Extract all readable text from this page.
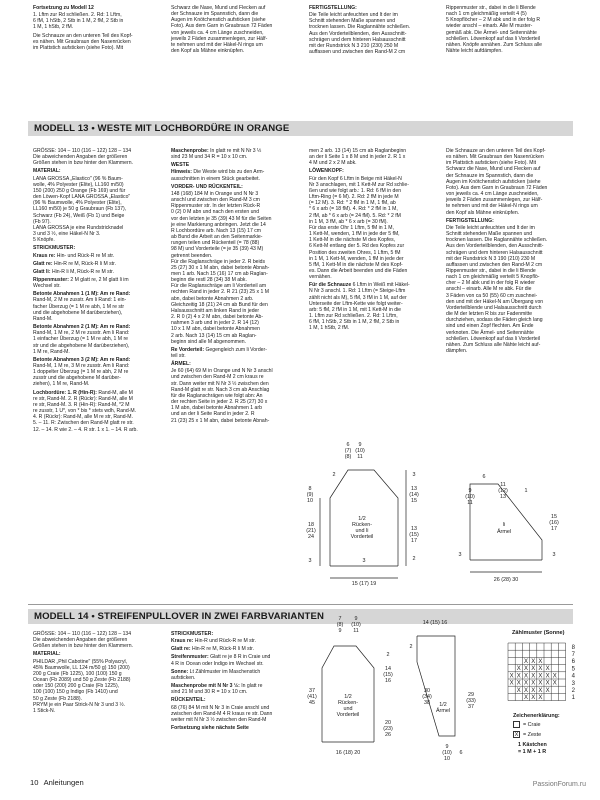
Fortsetzung zu Modell 12
1. Lftm zur Rd schließen. 2. Rd: 1 Lftm,
6 fM, 1 hStb, 2 Stb in 1 M, 2 fM, 2 Stb in
1 M, 1 hStb, 2 fM.
Die Schnauze an den unteren Teil des Kopf-
es nähen. Mit Graubraun den Nasenrücken
im Plattstich aufsticken (siehe Foto). Mit
Schwarz die Nase, Mund und Flecken auf
der Schnauze im Spannstich, dann die
Augen im Knötchenstich aufsticken (siehe
Foto). Aus dem Garn in Graubraun 72 Fäden
von jeweils ca. 4 cm Länge zuschneiden,
jeweils 2 Fäden zusammenlegen, zur Hälf-
te nehmen und mit der Häkel-N rings um
den Kopf als Mähne einknüpfen.
FERTIGSTELLUNG:
Die Teile leicht anfeuchten und lt der im
Schnitt stehenden Maße spannen und
trocknen lassen. Die Raglannähte schließen.
Aus den Vorderteilblenden, den Ausschnitt-
schrägen und dem hinteren Halsausschnitt
mit der Rundstrick N 3 210 (230) 250 M
auffassen und zwischen den Rand-M 2 cm
Rippenmuster str., dabei in die li Blende
nach 1 cm gleichmäßig verteilt 4 (5)
5 Knopflöcher – 2 M abk und in der folg R
wieder anschl – einarb. Alle M muster-
gemäß abk. Die Ärmel- und Seitennähte
schließen. Löwenkopf auf das li Vorderteil
nähen. Knöpfe annähen. Zum Schluss alle
Nähte leicht aufdämpfen.
MODELL 13 • WESTE MIT LOCHBORDÜRE IN ORANGE
GRÖSSE: 104 – 110 (116 – 122) 128 – 134
Die abweichenden Angaben der größeren
Größen stehen in bzw hinter den Klammern.
MATERIAL:
LANA GROSSA „Elastico" (96 % Baum-
wolle, 4% Polyester (Elite), LL160 m/50)
150 (200) 250 g Orange (Fb 169) und für
den Löwen-Kopf LANA GROSSA „Elastico"
(96 % Baumwolle, 4% Polyester (Elite),
LL160 m/50) je 50 g Graubraun (Fb 137),
Schwarz (Fb 24), Weiß (Fb 1) und Beige
(Fb 97).
LANA GROSSA je eine Rundstricknadel
3 und 3 ½, eine Häkel-N Nr 3.
5 Knöpfe.
STRICKMUSTER:
Kraus re: Hin- und Rück-R re M str.
Glatt re: Hin-R re M, Rück-R li M str.
Glatt li: Hin-R li M, Rück-R re M str.
Rippenmuster: 2 M glatt re, 2 M glatt li im
Wechsel str.
Betonte Abnahmen 1 (1 M): Am re Rand:
Rand-M, 2 M re zusstr. Am li Rand: 1 ein-
facher Überzug (= 1 M re abh, 1 M re str
und die abgehobene M darüberziehen),
Rand-M.
Betonte Abnahmen 2 (1 M): Am re Rand:
Rand-M, 1 M re, 2 M re zusstr. Am li Rand:
1 einfacher Überzug (= 1 M re abh, 1 M re
str und die abgehobene M darüberziehen),
1 M re, Rand-M.
Betonte Abnahmen 3 (2 M): Am re Rand:
Rand-M, 1 M re, 3 M re zusstr. Am li Rand:
1 doppelter Überzug (= 1 M re abh, 2 M re
zusstr und die abgehobene M darüber-
ziehen), 1 M re, Rand-M.
Lochbordüre: 1. R (Hin-R): Rand-M, alle M
re str, Rand-M. 2. R (Rückr): Rand-M, alle M
re str, Rand-M. 3. R (Hin-R): Rand-M, *2 M
re zusstr, 1 U*, von * bis * stets wdh, Rand-M.
4. R (Rückr): Rand-M, alle M re str, Rand-M.
5. – 11. R: Zwischen den Rand-M glatt re str.
12. – 14. R wie 2. – 4. R str. 1 x 1. – 14. R arb.
Maschenprobe: In glatt re mit N Nr 3 ½
sind 23 M und 34 R = 10 x 10 cm.
WESTE
Hinweis: Die Weste wird bis zu den Arm-
ausschnitten in einem Stück gearbeitet.
VORDER- UND RÜCKENTEIL:
148 (168) 184 M in Orange und N Nr 3
anschl und zwischen den Rand-M 3 cm
Rippenmuster str. In der letzten Rück-R
0 (2) 0 M abn und nach den ersten und
vor den letzten je 35 (39) 43 M für die Seiten
je eine Markierung anbringen. Jetzt die 14
R Lochbordüre arb. Nach 13 (15) 17 cm
ab Bund die Arbeit an den Seitenmarkie-
rungen teilen und Rückenteil (= 78 (88)
98 M) und Vorderteile (= je 35 (39) 43 M)
getrennt beenden.
Für die Raglanschräge in jeder 2. R beids
25 (27) 30 x 1 M abn, dabei betonte Abnah-
men 1 arb. Nach 15 (16) 17 cm ab Raglan-
beginn die restl 28 (34) 38 M abk.
Für die Raglanschräge am li Vorderteil am
rechten Rand in jeder 2. R 21 (23) 25 x 1 M
abn, dabei betonte Abnahmen 2 arb.
Gleichzeitig 18 (21) 24 cm ab Bund für den
Halsausschnitt am linken Rand in jeder
2. R 0 (2) 4 x 2 M abn, dabei betonte Ab-
nahmen 3 arb und in jeder 2. R 14 (12)
10 x 1 M abn, dabei betonte Abnahmen
2 arb. Nach 13 (14) 15 cm ab Raglan-
beginn sind alle M abgenommen.
Re Vorderteil: Gegengleich zum li Vorder-
teil str.
ÄRMEL:
Je 60 (64) 69 M in Orange und N Nr 3 anschl
und zwischen den Rand-M 2 cm kraus re
str. Dann weiter mit N Nr 3 ½ zwischen den
Rand-M glatt re str. Nach 3 cm ab Anschlag
für die Raglanschrägen wie folgt abn: An
der rechten Seite in jeder 2. R 25 (27) 30 x
1 M abn, dabei betonte Abnahmen 1 arb
und an der li Seite Rand in jeder 2. R
21 (23) 25 x 1 M abn, dabei betonte Abnah-
men 2 arb. 13 (14) 15 cm ab Raglanbeginn
an der li Seite 1 x 8 M und in jeder 2. R 1 x
4 M und 2 x 2 M abk.
LÖWENKOPF:
Für den Kopf 6 Lftm in Beige mit Häkel-N
Nr 3 anschlagen, mit 1 Kett-M zur Rd schlie-
ßen und wie folgt arb.: 1. Rd: 6 fM in den
Lftm-Ring (= 6 M). 2. Rd: 2 fM in jede M
(= 12 M). 3. Rd: * 2 fM in 1 M, 1 fM, ab
* 6 x arb (= 18 fM). 4. Rd: * 2 fM in 1 M,
2 fM, ab * 6 x arb (= 24 fM). 5. Rd: * 2 fM
in 1 M, 3 fM, ab * 6 x arb (= 30 fM).
Für das erste Ohr 1 Lftm, 5 fM in 1 M,
1 Kett-M, wenden, 1 fM in jede der 5 fM,
1 Kett-M in die nächste M des Kopfes,
6 Kett-M entlang der 5. Rd des Kopfes zur
Position des zweiten Ohres, 1 Lftm, 5 fM
in 1 M, 1 Kett-M, wenden, 1 fM in jede der
5 fM, 1 Kett-M in die nächste M des Kopf-
es. Dann die Arbeit beenden und die Fäden
vernähen.
Für die Schnauze 6 Lftm in Weiß mit Häkel-
N Nr 3 anschl. 1. Rd: 1 Lftm (= Steige-Lftm
zählt nicht als M), 5 fM, 3 fM in 1 M, auf der
Unterseite der Lftm-Kette wie folgt weiter-
arb: 5 fM, 2 fM in 1 M, mit 1 Kett-M in die
1. Lftm zur Rd schließen. 2. Rd: 1 Lftm,
6 fM, 1 hStb, 2 Stb in 1 M, 2 fM, 2 Stb in
1 M, 1 hStb, 2 fM.
Die Schnauze an den unteren Teil des Kopf-
es nähen. Mit Graubraun den Nasenrücken
im Plattstich aufsticken (siehe Foto). Mit
Schwarz die Nase, Mund und Flecken auf
der Schnauze im Spannstich, dann die
Augen im Knötchenstich aufsticken (siehe
Foto). Aus dem Garn in Graubraun 72 Fäden
von jeweils ca. 4 cm Länge zuschneiden,
jeweils 2 Fäden zusammenlegen, zur Hälf-
te nehmen und mit der Häkel-N rings um
den Kopf als Mähne einknüpfen.
FERTIGSTELLUNG:
Die Teile leicht anfeuchten und lt der im
Schnitt stehenden Maße spannen und
trocknen lassen. Die Raglannähte schließen.
Aus den Vorderteilblenden, den Ausschnitt-
schrägen und dem hinteren Halsausschnitt
mit der Rundstrick N 3 190 (210) 230 M
auffassen und zwischen den Rand-M 2 cm
Rippenmuster str., dabei in die li Blende
nach 1 cm gleichmäßig verteilt 5 Knopflö-
cher – 2 M abk und in der folg R wieder
anschl – einarb. Alle M re abk. Für die
3 Fäden von ca 50 (55) 60 cm zuschnei-
den und mit der Häkel-N am Übergang von
Vorderteilblende und Halsausschnitt durch
die M der letzten R bis zur Fadenmitte
durchziehen, sodass die Fäden gleich lang
sind und einen Zopf flechten. Am Ende
verknoten. Die Ärmel- und Seitennähte
schließen. Löwenkopf auf das li Vorderteil
nähen. Zum Schluss alle Nähte leicht auf-
dämpfen.
6
(7)
(8)
9
(10)
11
2
8
(9)
10
18
(21)
24
1/2
Rücken-
und li
Vorderteil
13
(14)
15
3
13
(15)
17
2
3	3
15 (17) 19
9
(10)
11
6
11
(12)
13
1
li
Ärmel
15
(16)
17
3	3
26 (28) 30
MODELL 14 • STREIFENPULLOVER IN ZWEI FARBVARIANTEN
GRÖSSE: 104 – 110 (116 – 122) 128 – 134
Die abweichenden Angaben der größeren
Größen stehen in bzw hinter den Klammern.
MATERIAL:
PHILDAR „Phil Cabotine" (55% Polyacryl,
45% Baumwolle, LL 124 m/50 g) 150 (200)
200 g Craie (Fb 1225), 100 (100) 150 g
Ocean (Fb 2089) und 50 g Zeste (Fb 2188)
oder 150 (200) 200 g Craie (Fb 1225),
100 (100) 150 g Indigo (Fb 1410) und
50 g Zeste (Fb 2188).
PRYM je ein Paar Strick-N Nr 3 und 3 ½.
1 Stick-N.
STRICKMUSTER:
Kraus re: Hin-R und Rück-R re M str.
Glatt re: Hin-R re M, Rück-R li M str.
Streifenmuster: Glatt re je 8 R in Craie und
4 R in Ocean oder Indigo im Wechsel str.
Sonne: Lt Zählmuster im Maschenstich
aufsticken.
Maschenprobe mit N Nr 3 ½: In glatt re
sind 21 M und 30 R = 10 x 10 cm.
RÜCKENTEIL:
68 (76) 84 M mit N Nr 3 in Craie anschl und
zwischen den Rand-M 4 R kraus re str. Dann
weiter mit N Nr 3 ½ zwischen den Rand-M
Fortsetzung siehe nächste Seite
7
(8)
9
9
(10)
11
2
14
(15)
16
37
(41)
45
1/2
Rücken-
und
Vorderteil
20
(23)
26
16 (18) 20
14 (15) 16
2
30
(34)
38 1/2
Ärmel
29
(33)
37
9
(10)
10
6
Zählmuster (Sonne)
X X X
X X X X X
X X X X X X X
X X X X X X X
X X X X X
X X X
8
7
6
5
4
3
2
1
Zeichenerklärung:
= Craie
X = Zeste
1 Kästchen
= 1 M + 1 R
10 Anleitungen	PassionForum.ru
